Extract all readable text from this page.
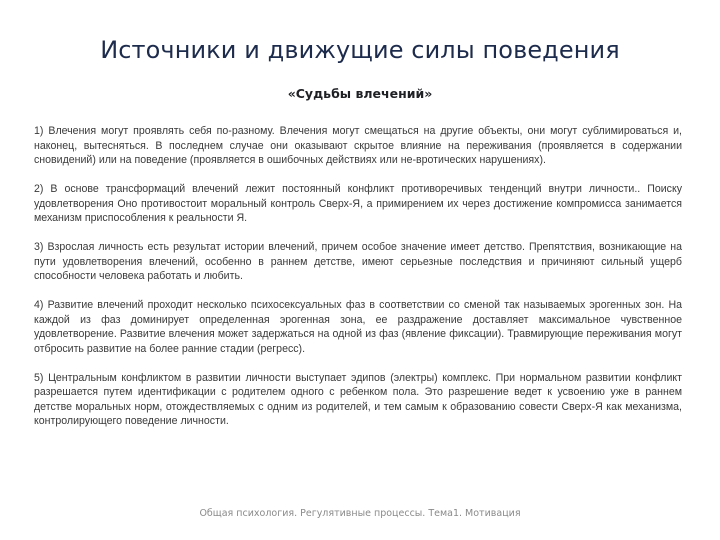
Источники и движущие силы поведения
«Судьбы влечений»

1) Влечения могут проявлять себя по-разному. Влечения могут смещаться на другие объекты, они могут сублимироваться и, наконец, вытесняться. В последнем случае они оказывают скрытое влияние на переживания (проявляется в содержании сновидений) или на поведение (проявляется в ошибочных действиях или не-вротических нарушениях).

2) В основе трансформаций влечений лежит постоянный конфликт противоречивых тенденций внутри личности.. Поиску удовлетворения Оно противостоит моральный контроль Сверх-Я, а примирением их через достижение компромисса занимается механизм приспособления к реальности Я.

3) Взрослая личность есть результат истории влечений, причем особое значение имеет детство. Препятствия, возникающие на пути удовлетворения влечений, особенно в раннем детстве, имеют серьезные последствия и причиняют сильный ущерб способности человека работать и любить.

4) Развитие влечений проходит несколько психосексуальных фаз в соответствии со сменой так называемых эрогенных зон. На каждой из фаз доминирует определенная эрогенная зона, ее раздражение доставляет максимальное чувственное удовлетворение. Развитие влечения может задержаться на одной из фаз (явление фиксации). Травмирующие переживания могут отбросить развитие на более ранние стадии (регресс).

5) Центральным конфликтом в развитии личности выступает эдипов (электры) комплекс. При нормальном развитии конфликт разрешается путем идентификации с родителем одного с ребенком пола. Это разрешение ведет к усвоению уже в раннем детстве моральных норм, отождествляемых с одним из родителей, и тем самым к образованию совести Сверх-Я как механизма, контролирующего поведение личности.

Общая психология. Регулятивные процессы. Тема1. Мотивация
